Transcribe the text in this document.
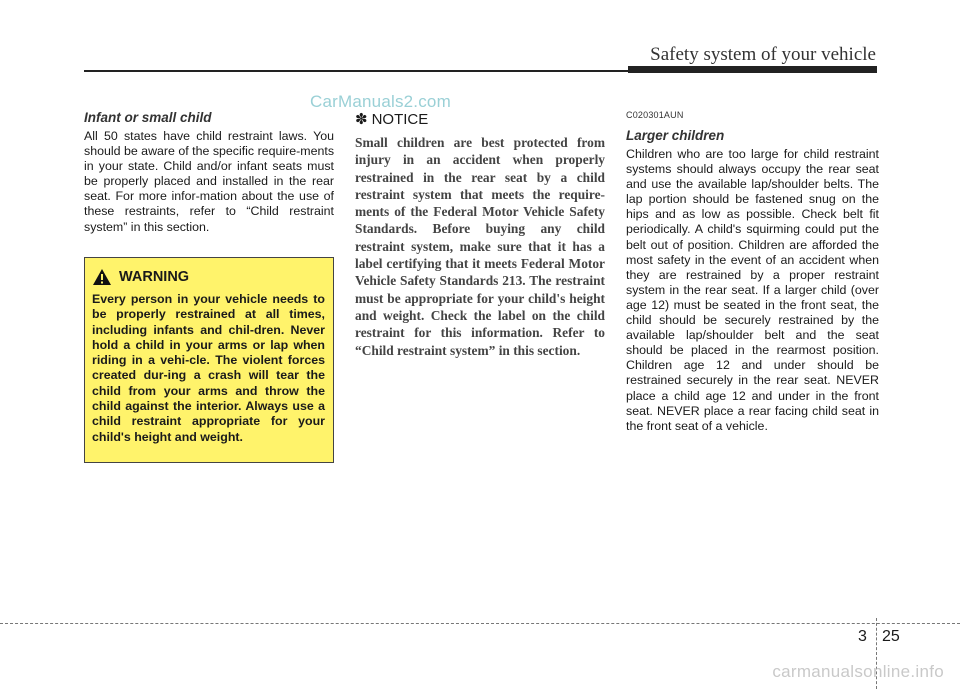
Safety system of your vehicle
CarManuals2.com

Infant or small child

All 50 states have child restraint laws. You should be aware of the specific require-ments in your state. Child and/or infant seats must be properly placed and installed in the rear seat. For more infor-mation about the use of these restraints, refer to “Child restraint system” in this section.

WARNING
Every person in your vehicle needs to be properly restrained at all times, including infants and chil-dren. Never hold a child in your arms or lap when riding in a vehi-cle. The violent forces created dur-ing a crash will tear the child from your arms and throw the child against the interior. Always use a child restraint appropriate for your child's height and weight.
✽ NOTICE
Small children are best protected from injury in an accident when properly restrained in the rear seat by a child restraint system that meets the require-ments of the Federal Motor Vehicle Safety Standards. Before buying any child restraint system, make sure that it has a label certifying that it meets Federal Motor Vehicle Safety Standards 213. The restraint must be appropriate for your child's height and weight. Check the label on the child restraint for this information. Refer to “Child restraint system” in this section.

C020301AUN

Larger children

Children who are too large for child restraint systems should always occupy the rear seat and use the available lap/shoulder belts. The lap portion should be fastened snug on the hips and as low as possible. Check belt fit periodically. A child's squirming could put the belt out of position. Children are afforded the most safety in the event of an accident when they are restrained by a proper restraint system in the rear seat. If a larger child (over age 12) must be seated in the front seat, the child should be securely restrained by the available lap/shoulder belt and the seat should be placed in the rearmost position. Children age 12 and under should be restrained securely in the rear seat. NEVER place a child age 12 and under in the front seat. NEVER place a rear facing child seat in the front seat of a vehicle.

3 25
carmanualsonline.info
